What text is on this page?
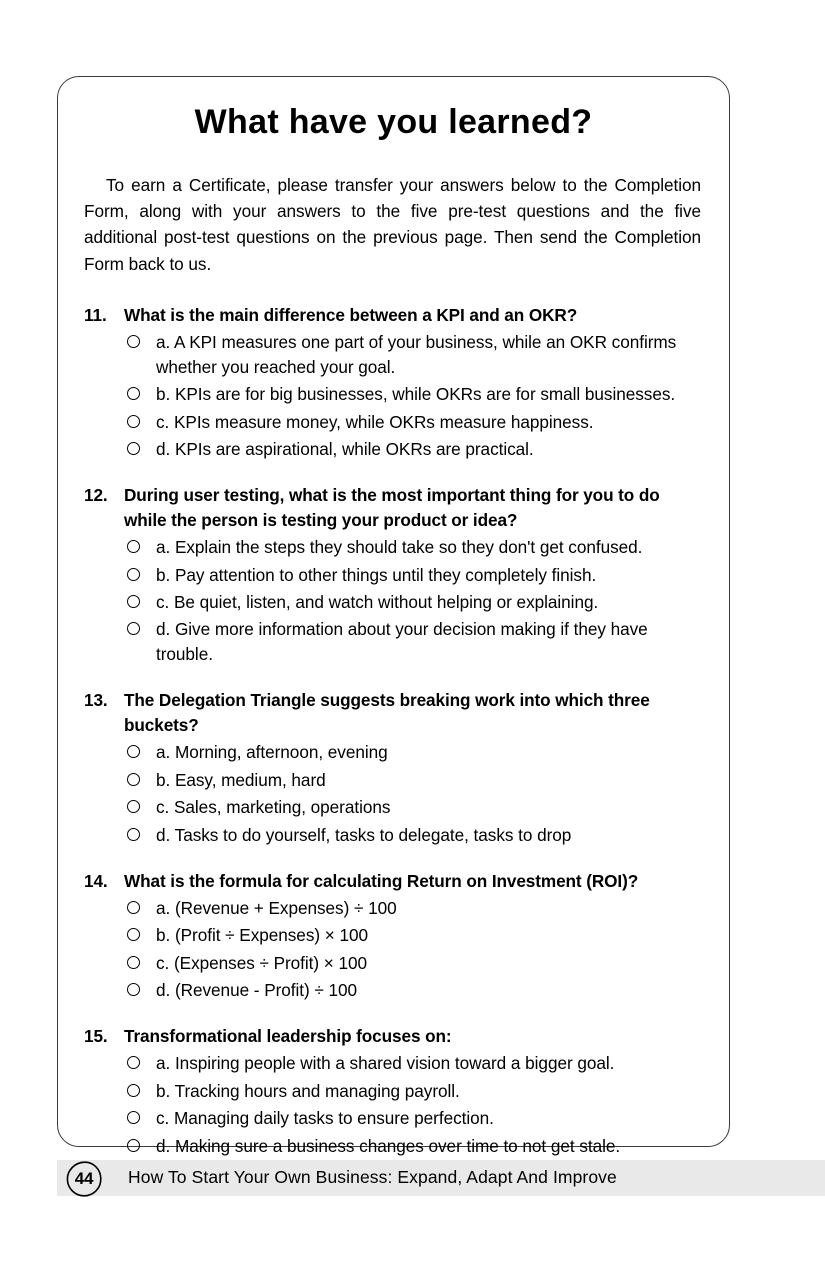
What have you learned?

To earn a Certificate, please transfer your answers below to the Completion Form, along with your answers to the five pre-test questions and the five additional post-test questions on the previous page. Then send the Completion Form back to us.

11.	What is the main difference between a KPI and an OKR?
a. A KPI measures one part of your business, while an OKR confirms whether you reached your goal.
b. KPIs are for big businesses, while OKRs are for small businesses.
c. KPIs measure money, while OKRs measure happiness.
d. KPIs are aspirational, while OKRs are practical.
12. During user testing, what is the most important thing for you to do while the person is testing your product or idea?
a. Explain the steps they should take so they don't get confused.
b. Pay attention to other things until they completely finish.
c. Be quiet, listen, and watch without helping or explaining.
d. Give more information about your decision making if they have trouble.
13. The Delegation Triangle suggests breaking work into which three buckets?
a. Morning, afternoon, evening
b. Easy, medium, hard
c. Sales, marketing, operations
d. Tasks to do yourself, tasks to delegate, tasks to drop
14. What is the formula for calculating Return on Investment (ROI)?
a. (Revenue + Expenses) ÷ 100
b. (Profit ÷ Expenses) × 100
c. (Expenses ÷ Profit) × 100
d. (Revenue - Profit) ÷ 100
15. Transformational leadership focuses on:
a. Inspiring people with a shared vision toward a bigger goal.
b. Tracking hours and managing payroll.
c. Managing daily tasks to ensure perfection.
d. Making sure a business changes over time to not get stale.
44	How To Start Your Own Business: Expand, Adapt And Improve
